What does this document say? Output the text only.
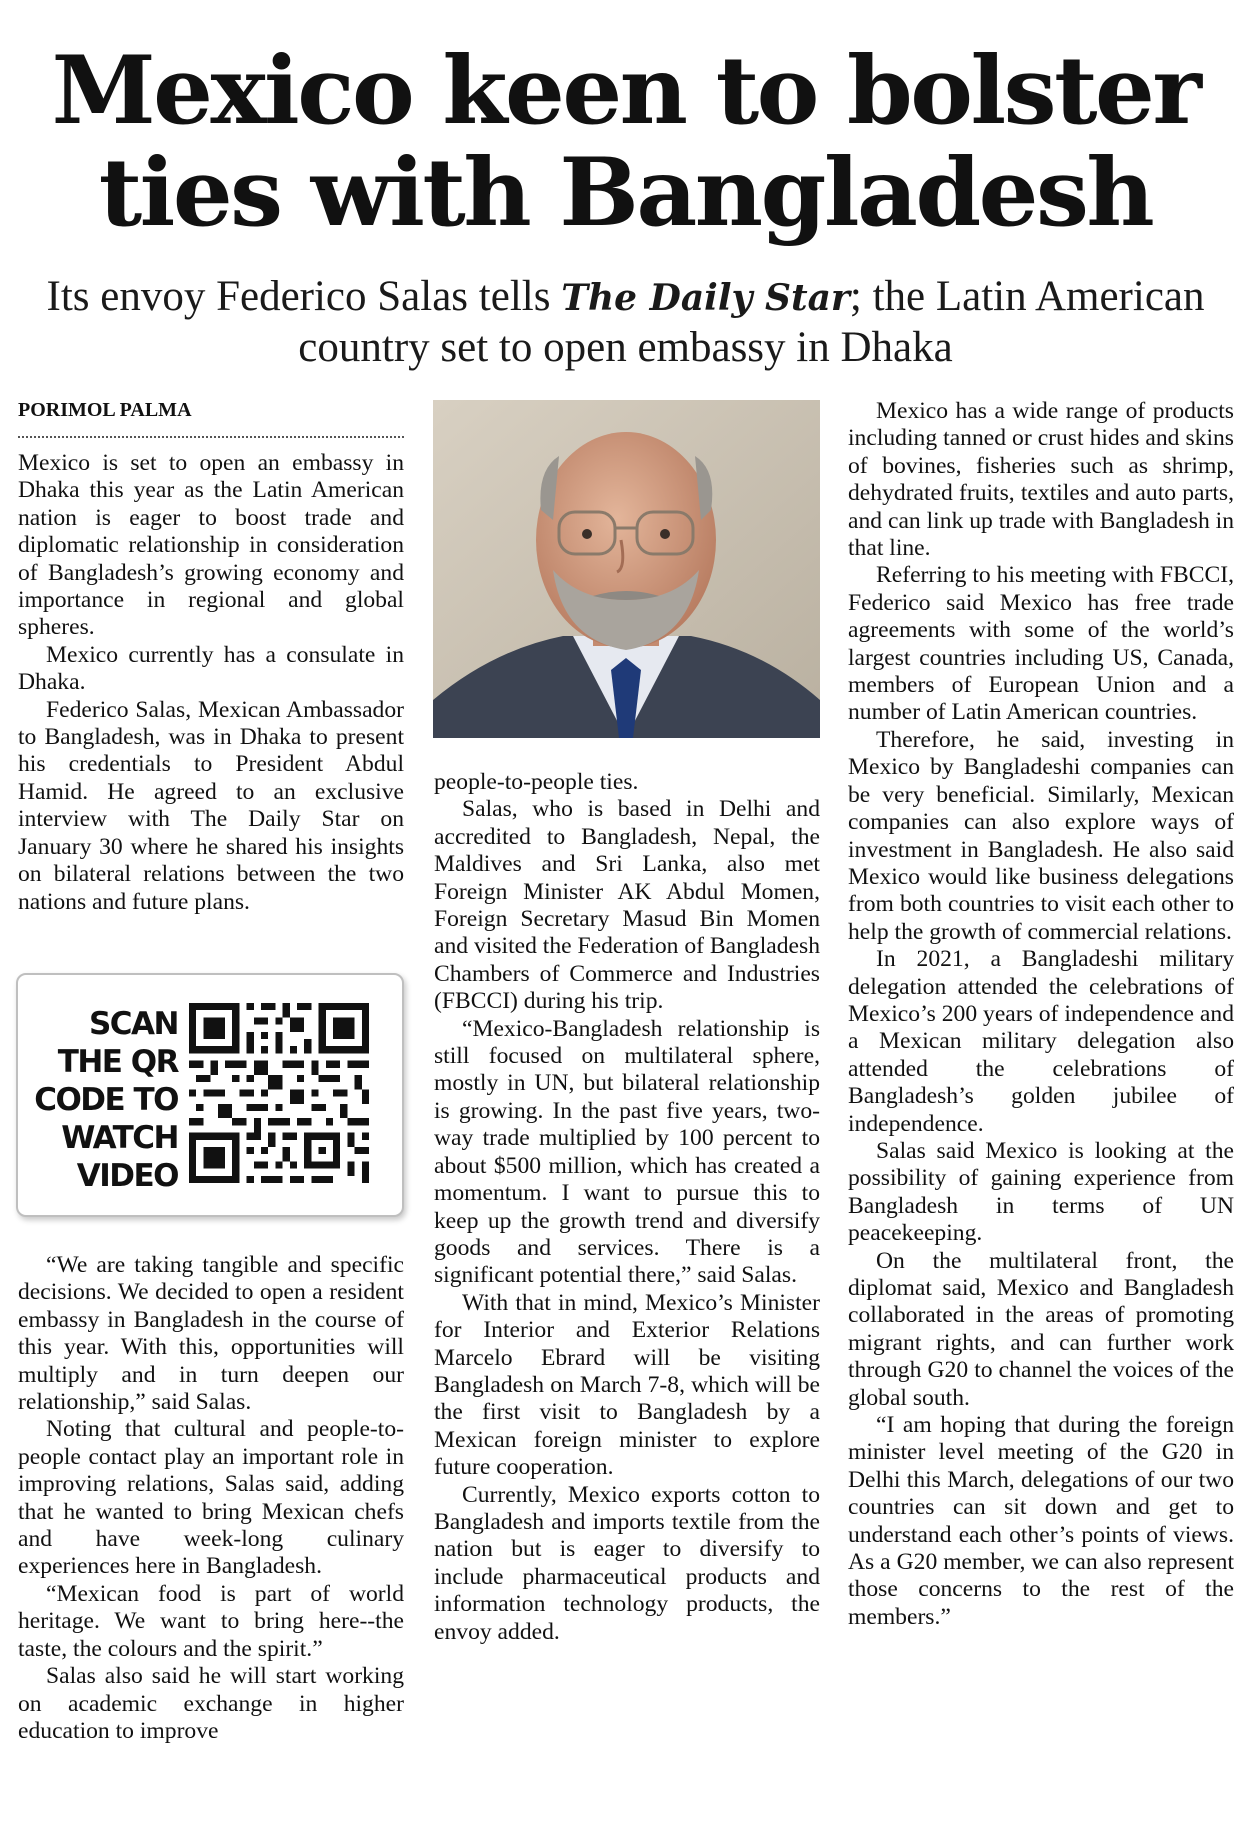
Mexico keen to bolster
ties with Bangladesh
Its envoy Federico Salas tells The Daily Star; the Latin American country set to open embassy in Dhaka
PORIMOL PALMA

Mexico is set to open an embassy in Dhaka this year as the Latin American nation is eager to boost trade and diplomatic relationship in consideration of Bangladesh’s growing economy and importance in regional and global spheres.

Mexico currently has a consulate in Dhaka.

Federico Salas, Mexican Ambassador to Bangladesh, was in Dhaka to present his credentials to President Abdul Hamid. He agreed to an exclusive interview with The Daily Star on January 30 where he shared his insights on bilateral relations between the two nations and future plans.

SCAN
THE QR
CODE TO
WATCH
VIDEO

“We are taking tangible and specific decisions. We decided to open a resident embassy in Bangladesh in the course of this year. With this, opportunities will multiply and in turn deepen our relationship,” said Salas.

Noting that cultural and people-to-people contact play an important role in improving relations, Salas said, adding that he wanted to bring Mexican chefs and have week-long culinary experiences here in Bangladesh.

“Mexican food is part of world heritage. We want to bring here--the taste, the colours and the spirit.”

Salas also said he will start working on academic exchange in higher education to improve

people-to-people ties.

Salas, who is based in Delhi and accredited to Bangladesh, Nepal, the Maldives and Sri Lanka, also met Foreign Minister AK Abdul Momen, Foreign Secretary Masud Bin Momen and visited the Federation of Bangladesh Chambers of Commerce and Industries (FBCCI) during his trip.

“Mexico-Bangladesh relationship is still focused on multilateral sphere, mostly in UN, but bilateral relationship is growing. In the past five years, two-way trade multiplied by 100 percent to about $500 million, which has created a momentum. I want to pursue this to keep up the growth trend and diversify goods and services. There is a significant potential there,” said Salas.

With that in mind, Mexico’s Minister for Interior and Exterior Relations Marcelo Ebrard will be visiting Bangladesh on March 7-8, which will be the first visit to Bangladesh by a Mexican foreign minister to explore future cooperation.

Currently, Mexico exports cotton to Bangladesh and imports textile from the nation but is eager to diversify to include pharmaceutical products and information technology products, the envoy added.

Mexico has a wide range of products including tanned or crust hides and skins of bovines, fisheries such as shrimp, dehydrated fruits, textiles and auto parts, and can link up trade with Bangladesh in that line.

Referring to his meeting with FBCCI, Federico said Mexico has free trade agreements with some of the world’s largest countries including US, Canada, members of European Union and a number of Latin American countries.

Therefore, he said, investing in Mexico by Bangladeshi companies can be very beneficial. Similarly, Mexican companies can also explore ways of investment in Bangladesh. He also said Mexico would like business delegations from both countries to visit each other to help the growth of commercial relations.

In 2021, a Bangladeshi military delegation attended the celebrations of Mexico’s 200 years of independence and a Mexican military delegation also attended the celebrations of Bangladesh’s golden jubilee of independence.

Salas said Mexico is looking at the possibility of gaining experience from Bangladesh in terms of UN peacekeeping.

On the multilateral front, the diplomat said, Mexico and Bangladesh collaborated in the areas of promoting migrant rights, and can further work through G20 to channel the voices of the global south.

“I am hoping that during the foreign minister level meeting of the G20 in Delhi this March, delegations of our two countries can sit down and get to understand each other’s points of views. As a G20 member, we can also represent those concerns to the rest of the members.”
